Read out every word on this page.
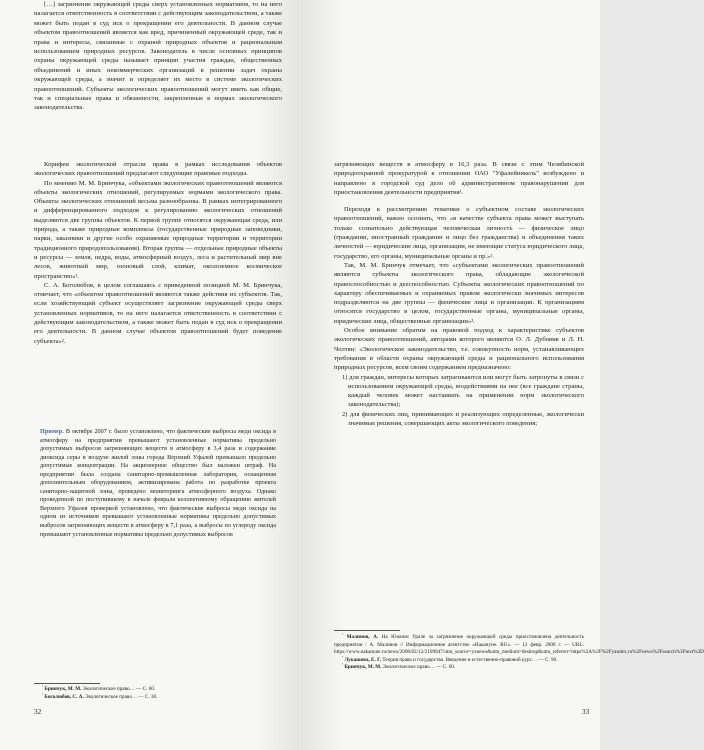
[…] загрязнение окружающей среды сверх установленных нормативов, то на него налагается ответственность в соответствии с действующим законодательством, а также может быть подан в суд иск о прекращении его деятельности. В данном случае объектом правоотношений является как вред, причиненный окружающей среде, так и права и интересы, связанные с охраной природных объектов и рациональным использованием природных ресурсов. Законодатель в числе основных принципов охраны окружающей среды называет принцип участия граждан, общественных объединений и иных некоммерческих организаций в решении задач охраны окружающей среды, а значит и определяет их место в системе экологических правоотношений. Субъекты экологических правоотношений могут иметь как общие, так и специальные права и обязанности, закрепленные в нормах экологического законодательства.

Корифеи экологической отрасли права в рамках исследования объектов экологических правоотношений предлагают следующие правовые подходы.

По мнению М. М. Бринчука, «объектами экологических правоотношений являются объекты экологических отношений, регулируемых нормами экологического права. Объекты экологических отношений весьма разнообразны. В рамках интегрированного и дифференцированного подходов к регулированию экологических отношений выделяются две группы объектов. К первой группе относятся окружающая среда, или природа, а также природные комплексы (государственные природные заповедники, парки, заказники и другие особо охраняемые природные территории и территории традиционного природопользования). Вторая группа — отдельные природные объекты и ресурсы — земля, недра, воды, атмосферный воздух, леса и растительный мир вне лесов, животный мир, озоновый слой, климат, околоземное космическое пространство»¹.

С. А. Боголюбов, в целом соглашаясь с приведенной позицией М. М. Бринчука, отмечает, что «объектом правоотношений являются также действия их субъектов. Так, если хозяйствующий субъект осуществляет загрязнение окружающей среды сверх установленных нормативов, то на него налагается ответственность в соответствии с действующим законодательством, а также может быть подан в суд иск о прекращении его деятельности. В данном случае объектом правоотношений будет поведение субъекта»².

Пример. В октябре 2007 г. было установлено, что фактические выбросы меди оксида в атмосферу на предприятии превышают установленные нормативы предельно допустимых выбросов загрязняющих веществ в атмосферу в 3,4 раза и содержание диоксида серы в воздухе жилой зоны города Верхний Уфалей превышало предельно допустимые концентрации. На акционерное общество был наложен штраф. На предприятии была создана санитарно-промышленная лаборатория, оснащенная дополнительным оборудованием, активизирована работа по разработке проекта санитарно-защитной зоны, проведено мониторинга атмосферного воздуха. Однако проведенной по поступившему в начале февраля коллективному обращению жителей Верхнего Уфалея проверкой установлено, что фактические выбросы меди оксида на одном из источников превышают установленные нормативы предельно допустимых выбросов загрязняющих веществ в атмосферу в 7,1 раза, а выбросы по углероду оксида превышают установленные нормативы предельно допустимых выбросов
$^{^1}$ Бринчук, М. М. Экологическое право… — С. 60.
$^{^2}$ Боголюбов, С. А. Экологическое право… — С. 30.
32

загрязняющих веществ в атмосферу в 16,3 раза. В связи с этим Челябинской природоохранной прокуратурой в отношении ОАО "Уфалейникель" возбуждено и направлено в городской суд дело об административном правонарушении для приостановления деятельности предприятия¹.

Переходя к рассмотрению тематики о субъектном составе экологических правоотношений, важно осознать, что «в качестве субъекта права может выступать только сознательно действующая человеческая личность — физическое лицо (гражданин, иностранный гражданин и лицо без гражданства) и объединения таких личностей — юридические лица, организации, не имеющие статуса юридического лица, государство, его органы, муниципальные органы и пр.»².

Так, М. М. Бринчук отмечает, что «субъектами экологических правоотношений являются субъекты экологического права, обладающие экологической правоспособностью и дееспособностью. Субъекты экологических правоотношений по характеру обеспечиваемых и охраняемых правом экологически значимых интересов подразделяются на две группы — физические лица и организации. К организациям относятся государство в целом, государственные органы, муниципальные органы, юридические лица, общественные организации»³.

Особое внимание обратим на правовой подход к характеристике субъектов экологических правоотношений, авторами которого являются О. Л. Дубовик и Л. Н. Чолтян: «Экологическое законодательство, т.е. совокупность норм, устанавливающих требования в области охраны окружающей среды и рационального использования природных ресурсов, всем своим содержанием предназначено:

1) для граждан, интересы которых затрагиваются или могут быть затронуты в связи с использованием окружающей среды, воздействиями на нее (все граждане страны, каждый человек может настаивать на применении норм экологического законодательства);

2) для физических лиц, принимающих и реализующих определенные, экологически значимые решения, совершающих акты экологического поведения;

$^{^1}$ Малинов, А. На Южном Урале за загрязнение окружающей среды приостановлена деятельность предприятия / А. Малинов // Информационное агентство «Накануне. RU». — 12 февр. 2008 г. — URL: https://www.nakanune.ru/news/2008/02/12/2109847/utm_source=yxnews&utm_medium=desktop&utm_referrer=https%3A%2F%2Fyandex.ru%2Fnews%2Fsearch%3Ftext%3D
$^{^2}$ Лукашова, Е. Г. Теория права и государства. Введение в естественно-правовой курс… — С. 90.
$^{^3}$ Бринчук, М. М. Экологическое право… — С. 60.
33
